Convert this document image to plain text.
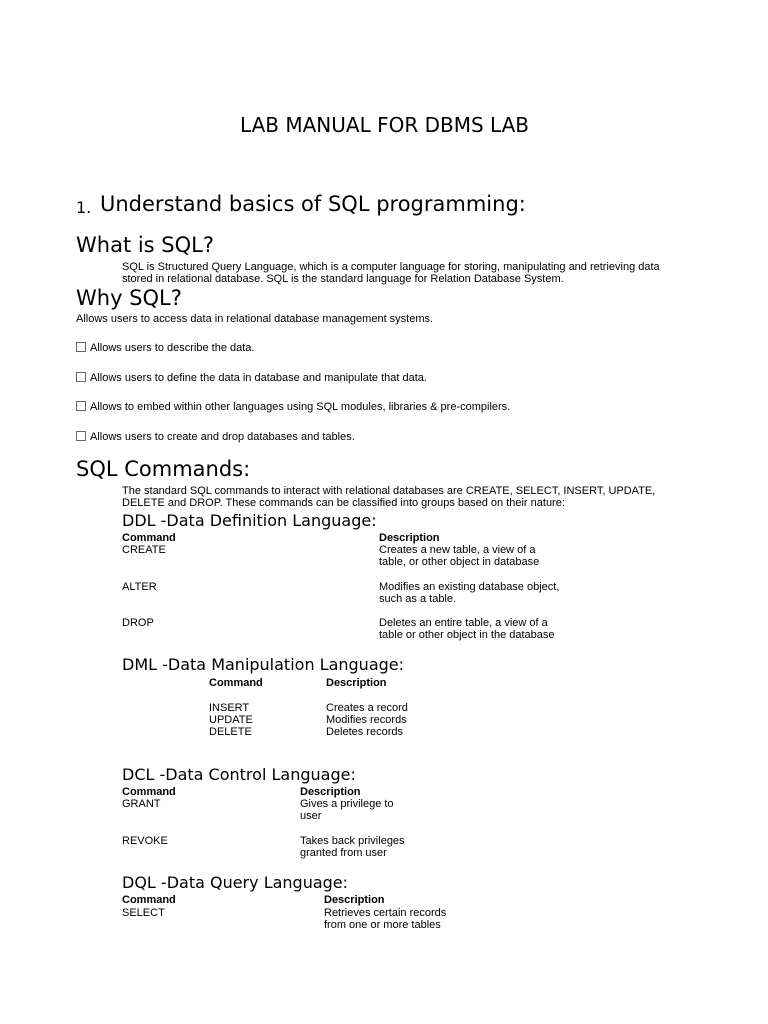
LAB MANUAL FOR DBMS LAB
1. Understand basics of SQL programming:
What is SQL?
SQL is Structured Query Language, which is a computer language for storing, manipulating and retrieving data
stored in relational database. SQL is the standard language for Relation Database System.
Why SQL?
Allows users to access data in relational database management systems.
Allows users to describe the data.
Allows users to define the data in database and manipulate that data.
Allows to embed within other languages using SQL modules, libraries & pre-compilers.
Allows users to create and drop databases and tables.
SQL Commands:
The standard SQL commands to interact with relational databases are CREATE, SELECT, INSERT, UPDATE,
DELETE and DROP. These commands can be classified into groups based on their nature:
DDL -Data Definition Language:
Command	Description
CREATE	Creates a new table, a view of a
table, or other object in database
ALTER	Modifies an existing database object,
such as a table.
DROP	Deletes an entire table, a view of a
table or other object in the database
DML -Data Manipulation Language:
Command	Description
INSERT	Creates a record
UPDATE	Modifies records
DELETE	Deletes records
DCL -Data Control Language:
Command	Description
GRANT	Gives a privilege to
user
REVOKE	Takes back privileges
granted from user
DQL -Data Query Language:
Command	Description
SELECT	Retrieves certain records
from one or more tables
